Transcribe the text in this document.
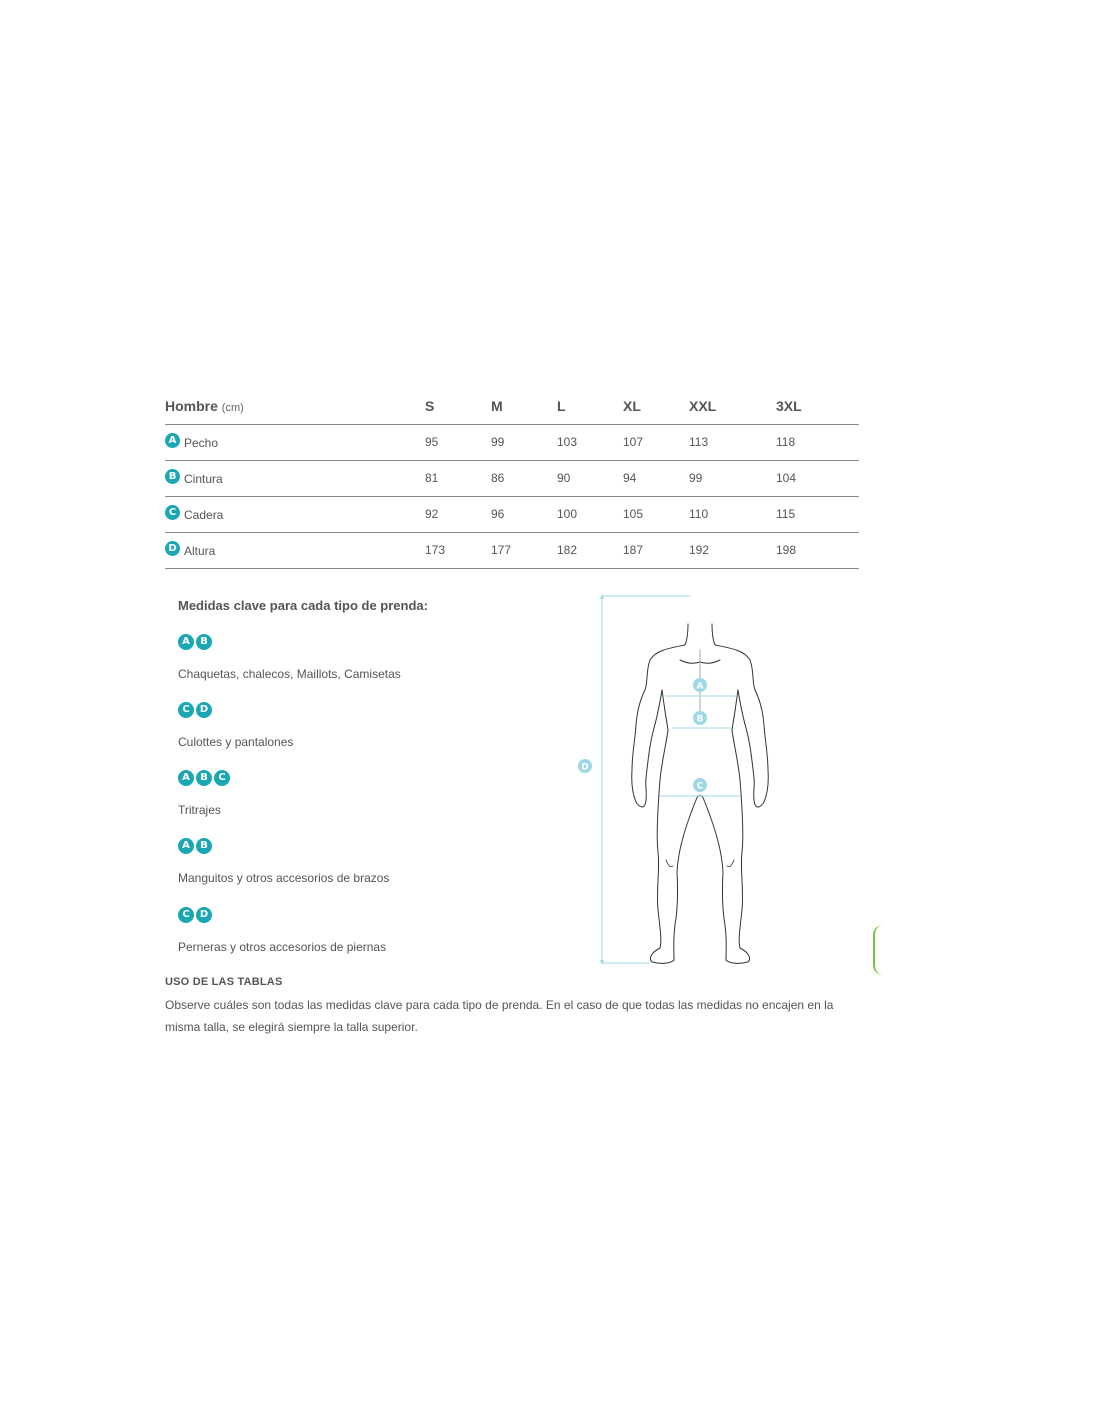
Hombre (cm)	S	M	L	XL	XXL	3XL

A Pecho	95	99	103	107	113	118

B Cintura	81	86	90	94	99	104

C Cadera	92	96	100	105	110	115

D Altura	173	177	182	187	192	198

Medidas clave para cada tipo de prenda:

A	B
Chaquetas, chalecos, Maillots, Camisetas
C	D
Culottes y pantalones
A	B	C
Tritrajes
A	B
Manguitos y otros accesorios de brazos
C	D
Perneras y otros accesorios de piernas
A
B
C
D

USO DE LAS TABLAS

Observe cuáles son todas las medidas clave para cada tipo de prenda. En el caso de que todas las medidas no encajen en la misma talla, se elegirá siempre la talla superior.
